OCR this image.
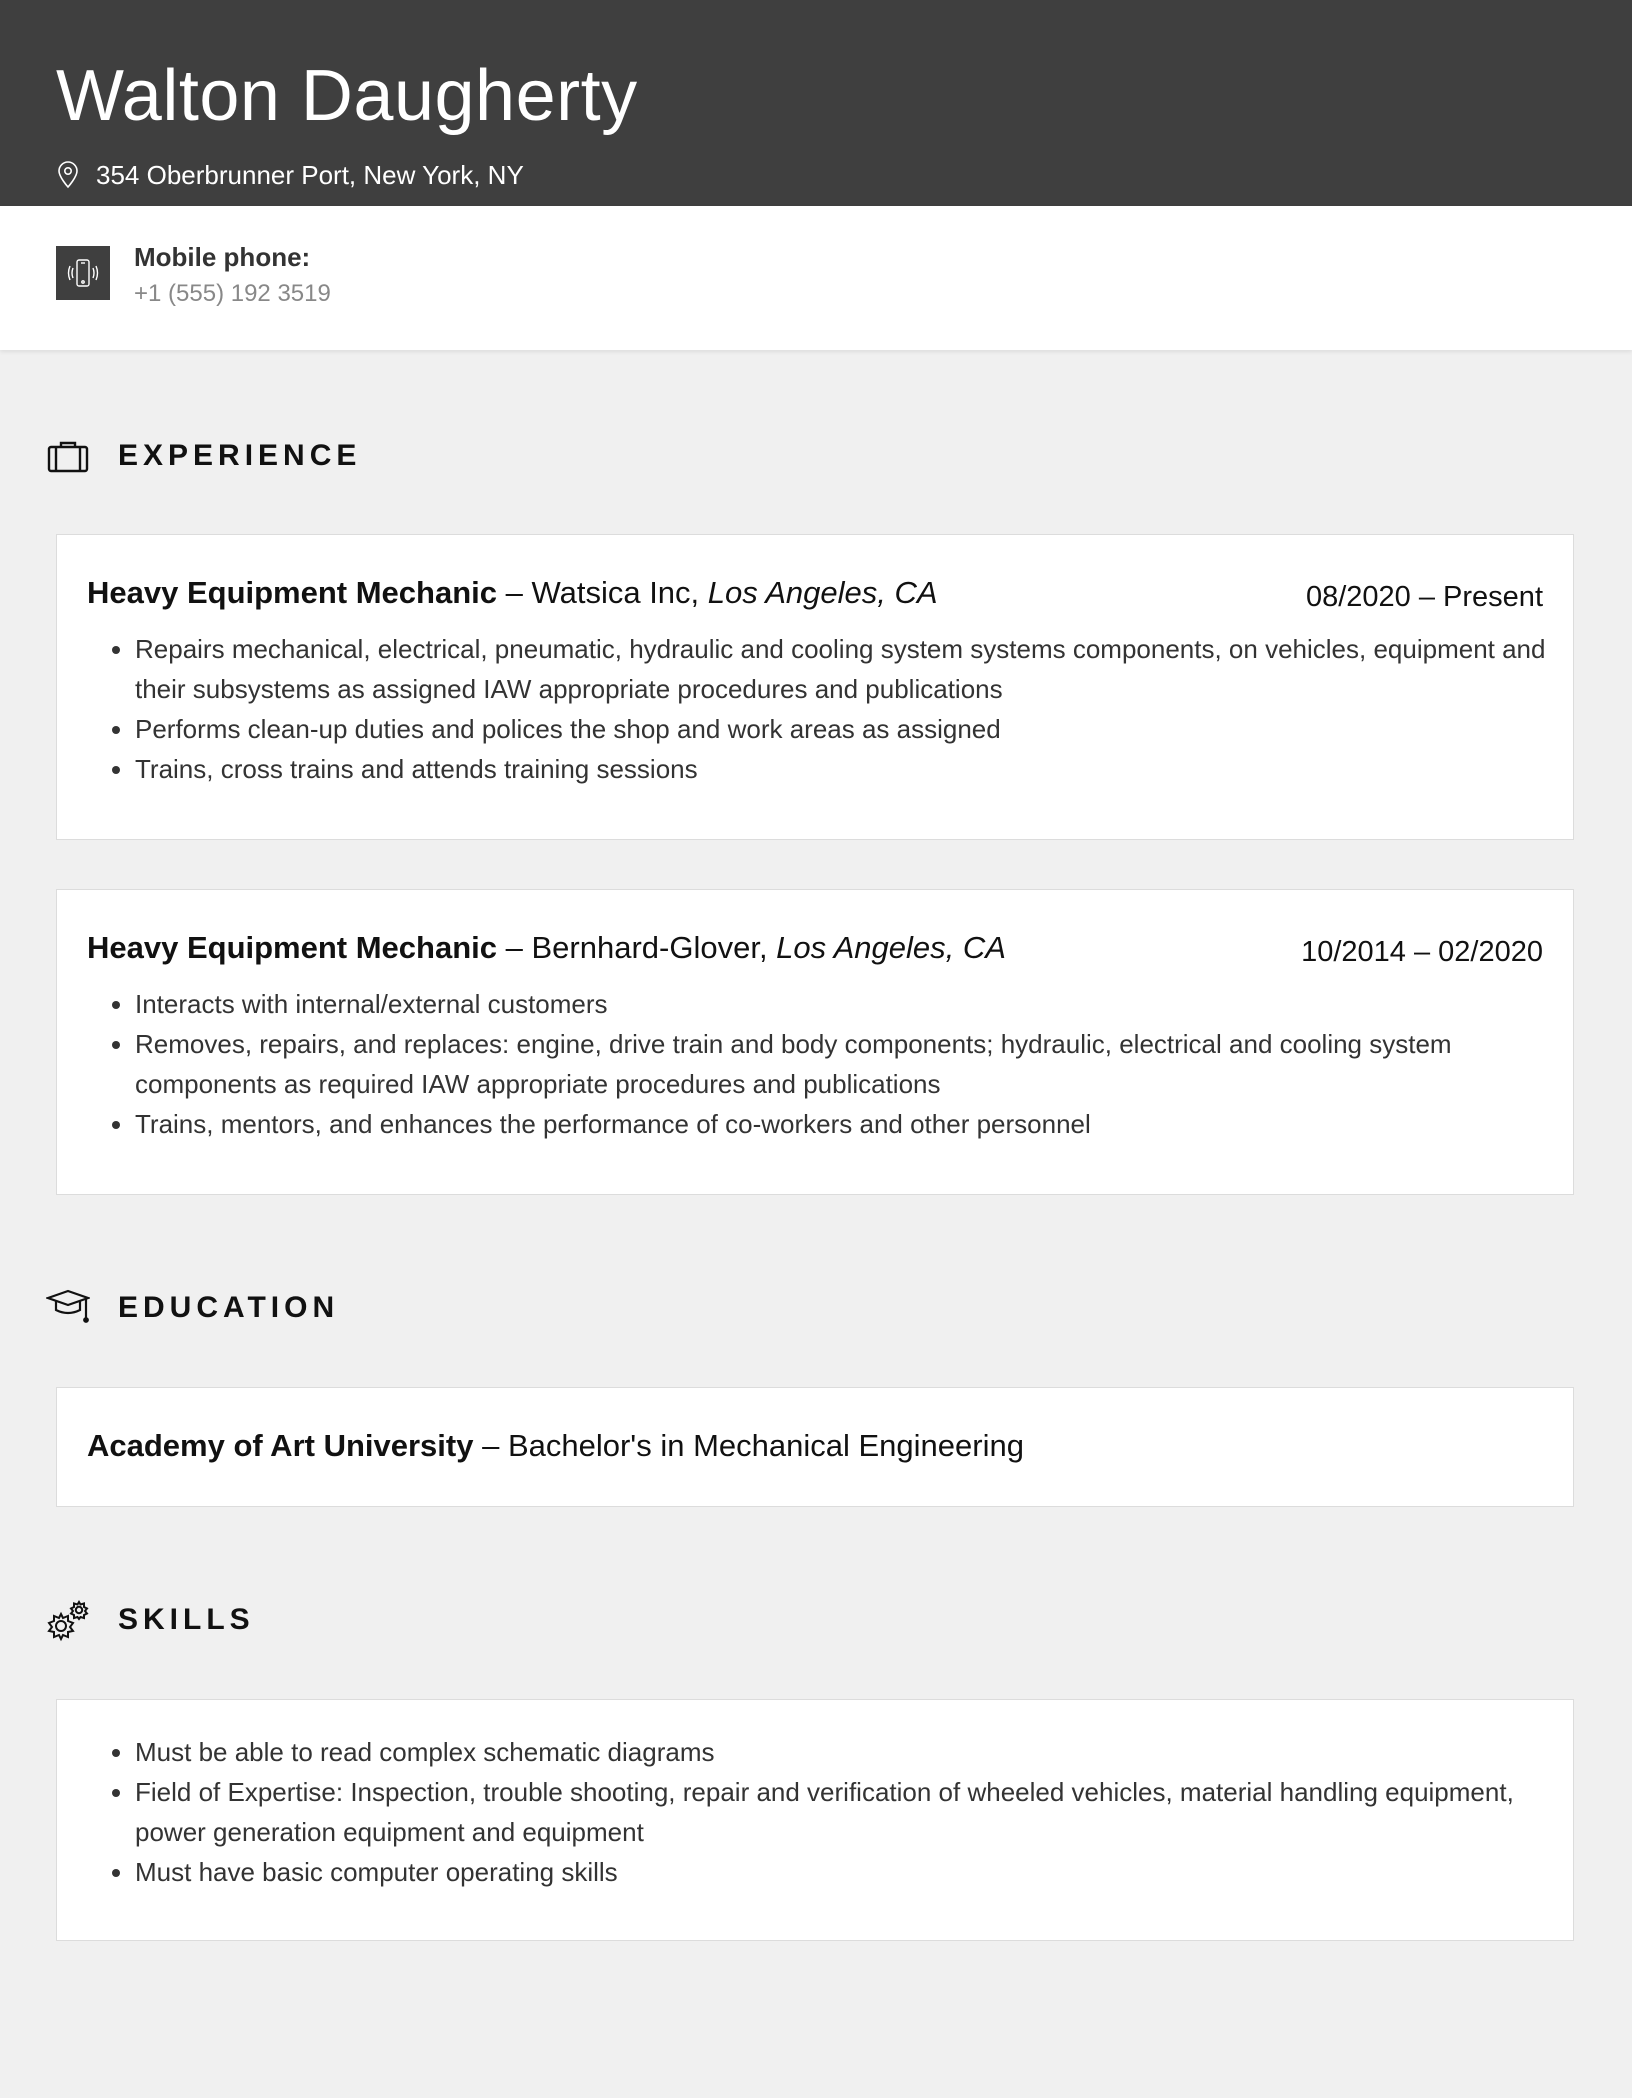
Walton Daugherty
354 Oberbrunner Port, New York, NY
Mobile phone:
+1 (555) 192 3519
EXPERIENCE
Heavy Equipment Mechanic – Watsica Inc, Los Angeles, CA	08/2020 – Present
• Repairs mechanical, electrical, pneumatic, hydraulic and cooling system systems components, on vehicles, equipment and their subsystems as assigned IAW appropriate procedures and publications
• Performs clean-up duties and polices the shop and work areas as assigned
• Trains, cross trains and attends training sessions
Heavy Equipment Mechanic – Bernhard-Glover, Los Angeles, CA	10/2014 – 02/2020
• Interacts with internal/external customers
• Removes, repairs, and replaces: engine, drive train and body components; hydraulic, electrical and cooling system components as required IAW appropriate procedures and publications
• Trains, mentors, and enhances the performance of co-workers and other personnel
EDUCATION
Academy of Art University – Bachelor's in Mechanical Engineering
SKILLS
• Must be able to read complex schematic diagrams
• Field of Expertise: Inspection, trouble shooting, repair and verification of wheeled vehicles, material handling equipment, power generation equipment and equipment
• Must have basic computer operating skills
